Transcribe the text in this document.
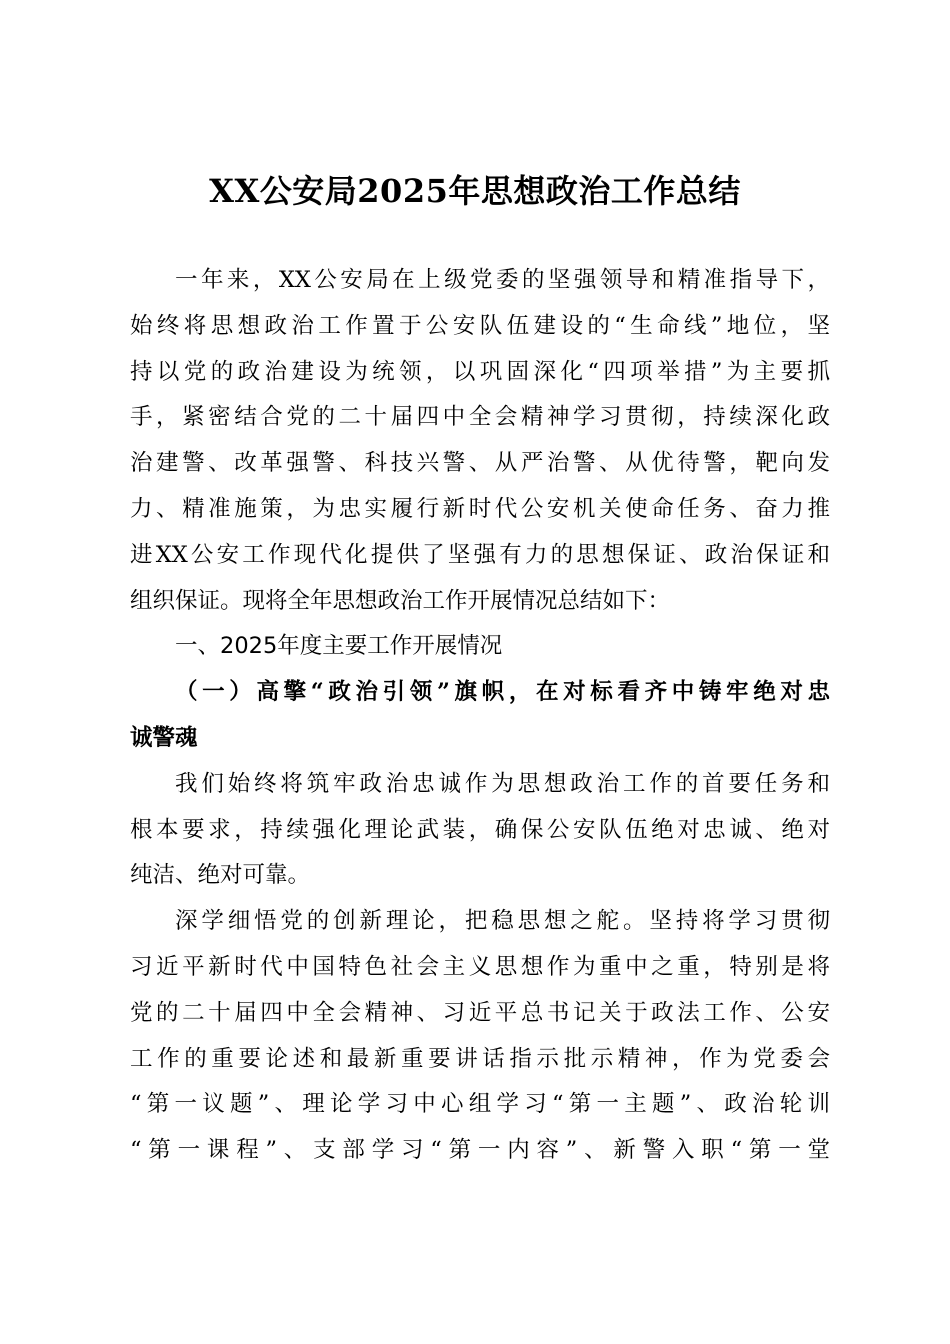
XX公安局2025年思想政治工作总结
一年来，XX公安局在上级党委的坚强领导和精准指导下，
始终将思想政治工作置于公安队伍建设的“生命线”地位，坚
持以党的政治建设为统领，以巩固深化“四项举措”为主要抓
手，紧密结合党的二十届四中全会精神学习贯彻，持续深化政
治建警、改革强警、科技兴警、从严治警、从优待警，靶向发
力、精准施策，为忠实履行新时代公安机关使命任务、奋力推
进XX公安工作现代化提供了坚强有力的思想保证、政治保证和
组织保证。现将全年思想政治工作开展情况总结如下：
一、2025年度主要工作开展情况
（一）高擎“政治引领”旗帜，在对标看齐中铸牢绝对忠
诚警魂
我们始终将筑牢政治忠诚作为思想政治工作的首要任务和
根本要求，持续强化理论武装，确保公安队伍绝对忠诚、绝对
纯洁、绝对可靠。
深学细悟党的创新理论，把稳思想之舵。坚持将学习贯彻
习近平新时代中国特色社会主义思想作为重中之重，特别是将
党的二十届四中全会精神、习近平总书记关于政法工作、公安
工作的重要论述和最新重要讲话指示批示精神，作为党委会
“第一议题”、理论学习中心组学习“第一主题”、政治轮训
“第一课程”、支部学习“第一内容”、新警入职“第一堂
